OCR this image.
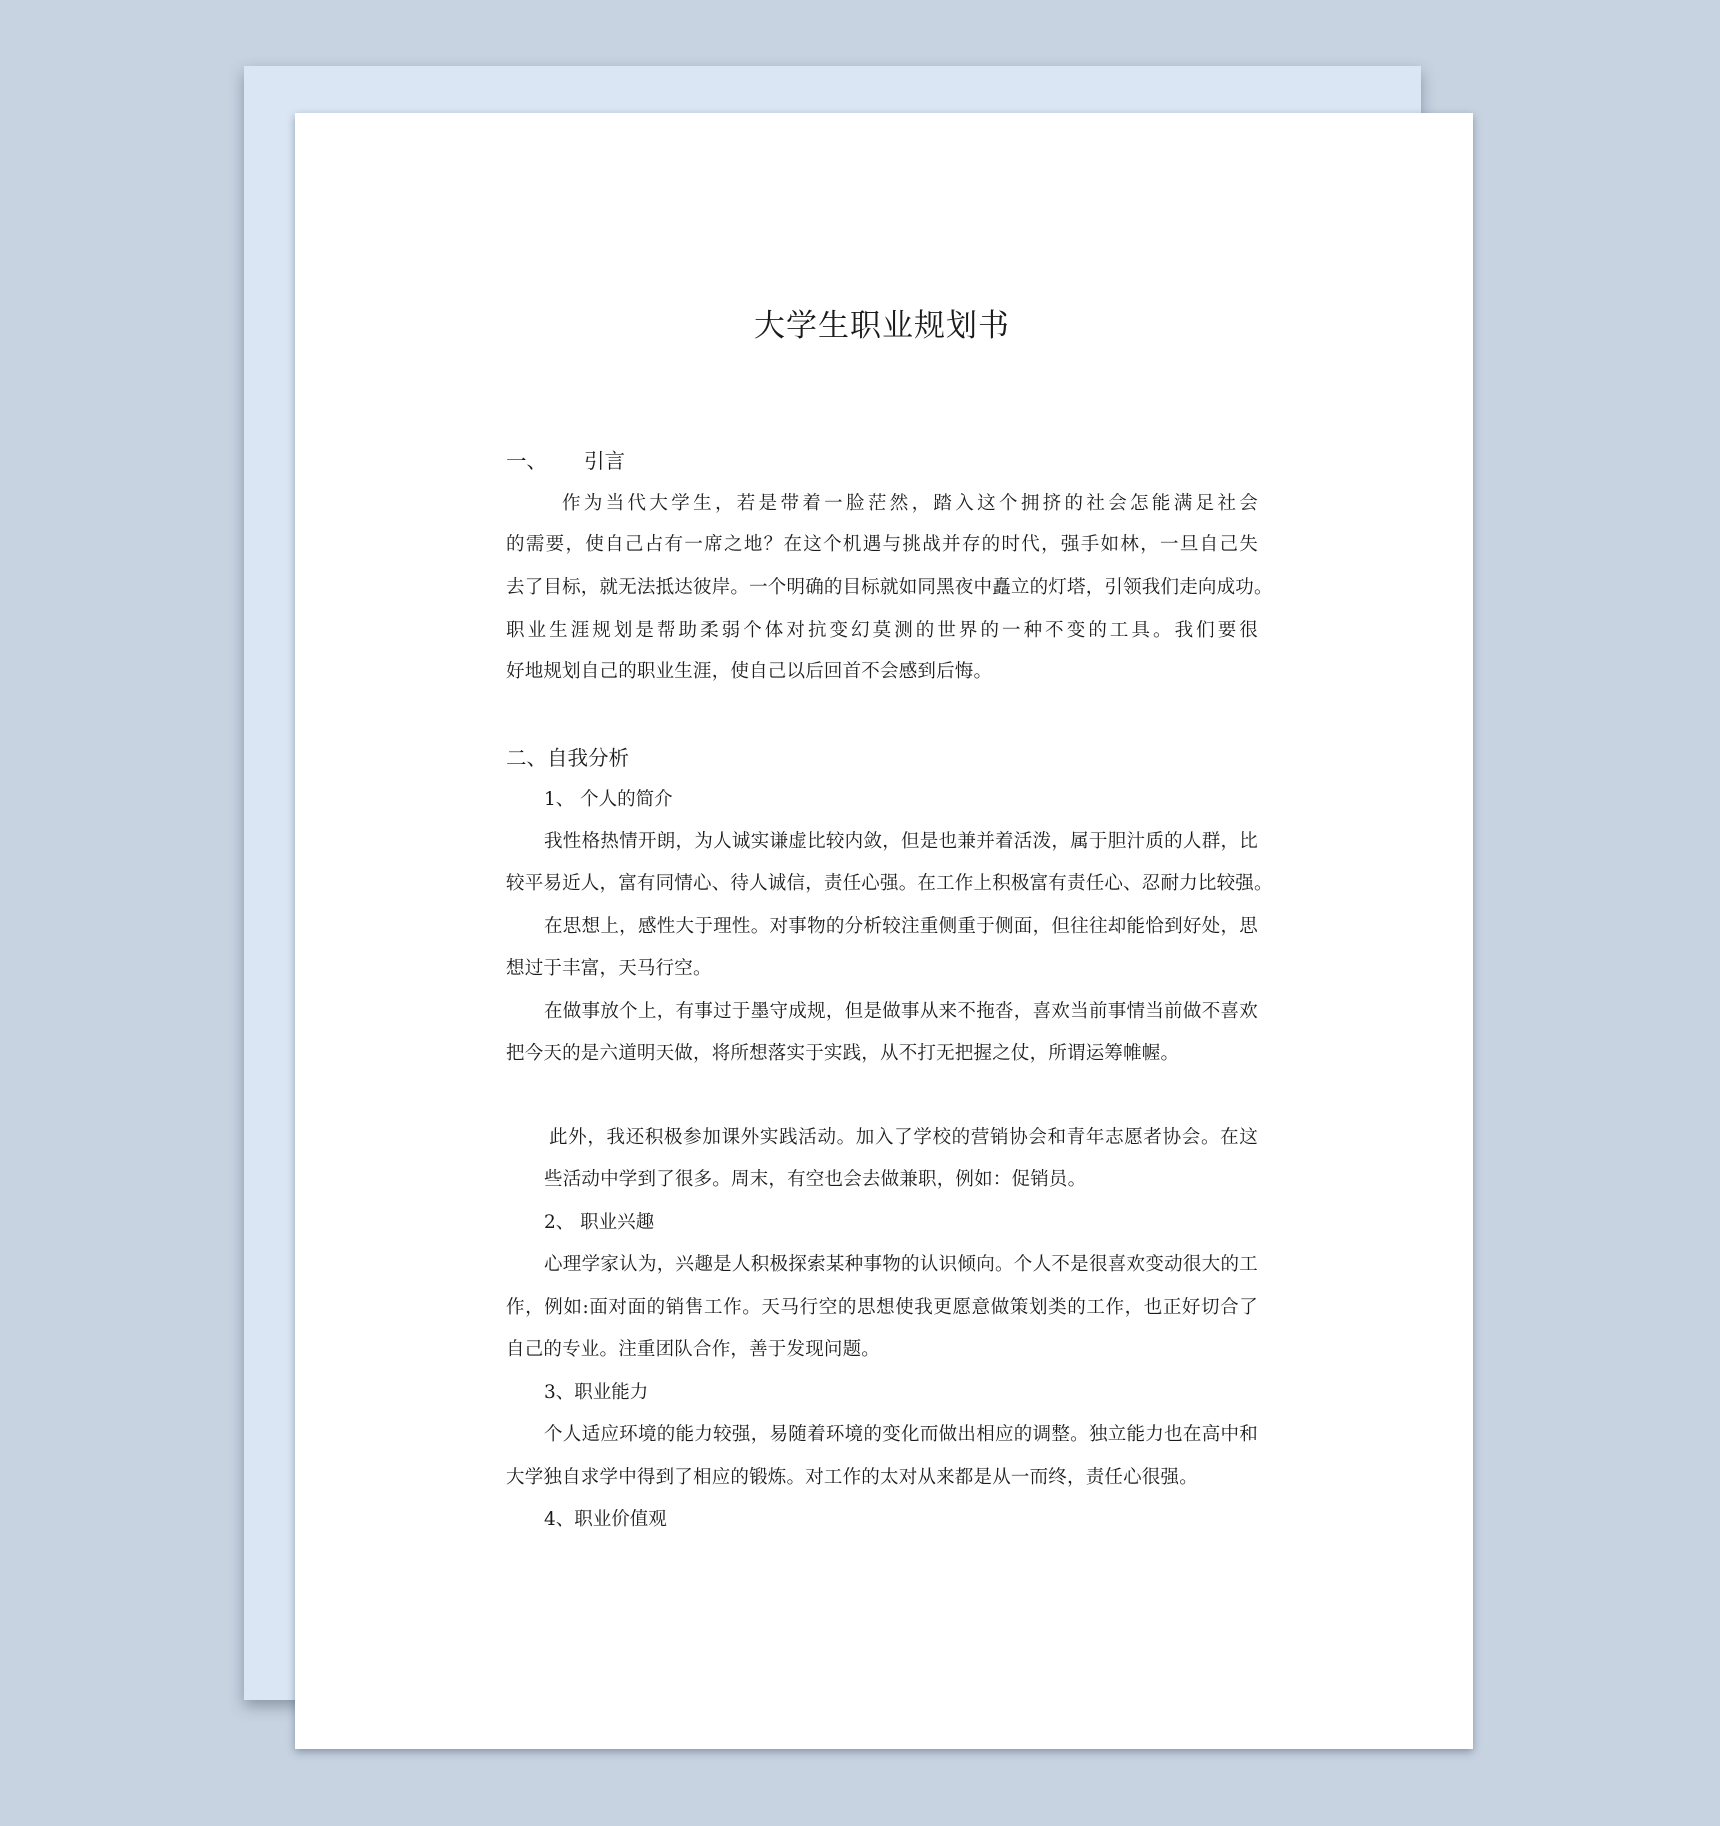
大学生职业规划书
一、 引言
作为当代大学生，若是带着一脸茫然，踏入这个拥挤的社会怎能满足社会
的需要，使自己占有一席之地？在这个机遇与挑战并存的时代，强手如林，一旦自己失
去了目标，就无法抵达彼岸。一个明确的目标就如同黑夜中矗立的灯塔，引领我们走向成功。
职业生涯规划是帮助柔弱个体对抗变幻莫测的世界的一种不变的工具。我们要很
好地规划自己的职业生涯，使自己以后回首不会感到后悔。
二、自我分析
1、 个人的简介
我性格热情开朗，为人诚实谦虚比较内敛，但是也兼并着活泼，属于胆汁质的人群，比
较平易近人，富有同情心、待人诚信，责任心强。在工作上积极富有责任心、忍耐力比较强。
在思想上，感性大于理性。对事物的分析较注重侧重于侧面，但往往却能恰到好处，思
想过于丰富，天马行空。
在做事放个上，有事过于墨守成规，但是做事从来不拖沓，喜欢当前事情当前做不喜欢
把今天的是六道明天做，将所想落实于实践，从不打无把握之仗，所谓运筹帷幄。
此外，我还积极参加课外实践活动。加入了学校的营销协会和青年志愿者协会。在这
些活动中学到了很多。周末，有空也会去做兼职，例如：促销员。
2、 职业兴趣
心理学家认为，兴趣是人积极探索某种事物的认识倾向。个人不是很喜欢变动很大的工
作，例如:面对面的销售工作。天马行空的思想使我更愿意做策划类的工作，也正好切合了
自己的专业。注重团队合作，善于发现问题。
3、职业能力
个人适应环境的能力较强，易随着环境的变化而做出相应的调整。独立能力也在高中和
大学独自求学中得到了相应的锻炼。对工作的太对从来都是从一而终，责任心很强。
4、职业价值观
